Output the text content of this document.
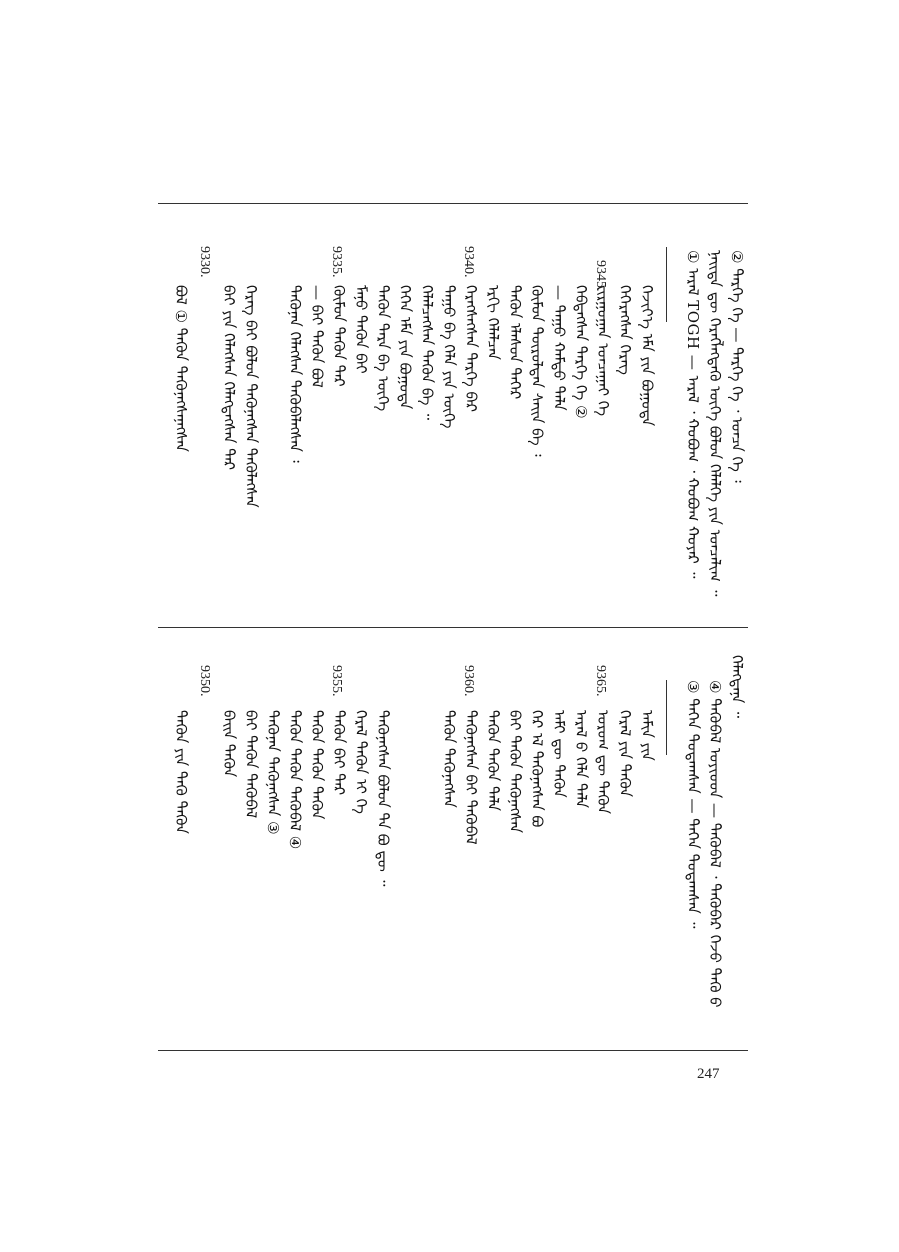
② ᠲᠡᠷᠭᠡ ᠬᠡ — ᠲᠡᠷᠭᠡ ᠬᠡ ᠂ ᠣᠨᠴᠠ ᠬᠡ ᠄
ᠨᠡᠢᠲᠡ ᠳᠦ ᠬᠡᠷᠡᠭᠯᠡᠭᠳᠡᠬᠦ ᠦᠭᠡ ᠪᠣᠯᠤᠨ ᠬᠡᠯᠡᠯᠭᠡ ᠶᠢᠨ ᠣᠨᠴᠠᠯᠢᠭ ᠃
① ᠠᠷᠠᠯ TOGH — ᠠᠷᠠᠯ ᠂ ᠬᠣᠪᠣᠭ ᠂ ᠬᠣᠪᠣᠭ ᠬᠣᠶᠠᠷ ᠃
ᠬᠡᠵᠢᠶ᠎ᠡ ᠡᠮᠡ ᠶᠢᠨ ᠪᠣᠭᠣᠳᠠ
ᠭᠡᠭᠡᠷᠡᠭᠰᠡᠨ ᠬᠡᠷᠡᠭ
ᠵᠢᠷᠭᠤᠭᠠᠨ ᠣᠨᠴᠠᠭᠠᠢ ᠬᠡ
ᠬᠡᠪᠲᠡᠭᠰᠡᠨ ᠲᠡᠷᠭᠡ ᠬᠡ ②
— ᠳᠠᠭᠤ ᠬᠠᠮᠲᠤ ᠲᠡᠯᠡ
ᠬᠦᠮᠦᠨ ᠲᠦᠷᠦᠯᠲᠡᠨ ᠰᠠᠢᠨ ᠪᠠ ᠄
ᠲᠡᠭᠦᠨ ᠡᠯᠡᠰᠦᠨ ᠳᠡᠭᠡᠷ
ᠡᠷᠬᠢ ᠬᠡᠯᠡᠯᠴᠡᠨ
ᠬᠡᠷᠡᠭᠰᠡᠭᠰᠡᠨ ᠲᠡᠷᠭᠡ ᠪᠡᠷ
ᠳᠠᠭᠤ ᠪᠠ ᠬᠡᠯᠡ ᠶᠢᠨ ᠦᠭᠡ
ᠬᠡᠯᠡᠯᠴᠡᠭᠰᠡᠨ ᠲᠡᠭᠦᠨ ᠪᠠ ᠃
ᠭᠡᠭᠡᠨ ᠡᠮᠡ ᠶᠢᠨ ᠪᠣᠭᠣᠳᠠ
ᠲᠡᠭᠦᠨ ᠲᠡᠷᠡ ᠪᠠ ᠦᠭᠡ
ᠮᠠᠨᠤ ᠲᠡᠭᠦᠨ ᠪᠠᠢ
ᠬᠦᠮᠦᠨ ᠲᠡᠭᠦᠨ ᠲᠡᠷ
— ᠪᠠᠢ ᠲᠡᠭᠦᠨ ᠪᠣᠯ
ᠲᠡᠭᠦᠨᠡᠨ ᠬᠡᠯᠡᠭᠰᠡᠨ ᠲᠡᠭᠦᠪᠡᠯᠡᠭᠰᠡᠨ ᠄
ᠬᠡᠷᠡᠭ ᠪᠠᠢ ᠪᠣᠯᠤᠨ ᠲᠡᠭᠦᠨᠡᠭᠰᠡᠨ ᠲᠡᠭᠦᠯᠡᠭᠰᠡᠨ
ᠪᠠᠢ ᠶᠢᠨ ᠬᠡᠯᠡᠭᠰᠡᠨ ᠬᠡᠯᠡᠭᠳᠡᠭᠰᠡᠨ ᠲᠡᠷ
ᠪᠣᠯ ① ᠲᠡᠭᠦᠨ ᠲᠡᠭᠦᠨᠡᠭᠰᠡᠨᠡᠭᠰᠡᠨ
9345.
9340.
9335.
9330.
ᠬᠡᠯᠡᠭᠳᠡᠨᠡ ᠃
④ ᠲᠡᠭᠦᠪᠡᠯ ᠡᠣᠶᠢᠣᠳ — ᠲᠡᠭᠦᠪᠡᠯ ᠂ ᠲᠡᠭᠦᠪᠡᠷ ᠭᠡᠵᠦ ᠲᠡᠭᠦ ᠪ
③ ᠲᠡᠭᠡᠨ ᠳᠤᠲᠠᠭᠰᠠᠨ — ᠲᠡᠭᠡᠨ ᠳᠤᠲᠠᠭᠰᠠᠨ ᠃
ᠠᠮᠢᠨ ᠶᠢᠨ
ᠭᠡᠷᠡᠯ ᠶᠢᠨ ᠲᠡᠭᠦᠨ
ᠤᠷᠤᠭ ᠳᠦ ᠲᠡᠭᠦᠨ
ᠠᠷᠠᠯ ᠪ ᠬᠡᠯᠡ ᠲᠡᠯᠡ
ᠠᠮᠢ ᠳᠦ ᠲᠡᠭᠦᠨ
ᠭᠡᠷ ᠡᠯ ᠲᠡᠭᠦᠨᠡᠭᠰᠡᠨ ᠪᠣ
ᠪᠠᠢ ᠲᠡᠭᠦᠨ ᠲᠡᠭᠦᠨᠡᠭᠰᠡᠨ
ᠲᠡᠭᠦᠨ ᠲᠡᠭᠦᠨ ᠲᠡᠯᠡ
ᠲᠡᠭᠦᠨᠡᠭᠰᠡᠨ ᠪᠠᠢ ᠲᠡᠭᠦᠪᠡᠯ
ᠲᠡᠭᠦᠨ ᠲᠡᠭᠦᠨᠡᠭᠰᠡᠨ
ᠲᠡᠭᠦᠨᠡᠭᠰᠡᠨ ᠪᠣᠯᠤᠨ ᠲᠡ ᠪᠣ ᠳᠦ ᠃
ᠭᠡᠷᠡᠯ ᠲᠡᠭᠦᠨ ᠢ ᠬᠡ
ᠲᠡᠭᠦᠨ ᠪᠠᠢ ᠲᠡᠷ
ᠲᠡᠭᠦᠨ ᠲᠡᠭᠦᠨ ᠲᠡᠭᠦᠨ
ᠲᠡᠭᠦᠨ ᠲᠡᠭᠦᠨ ᠲᠡᠭᠦᠪᠡᠯ ④
ᠲᠡᠭᠦᠨᠡᠨ ᠲᠡᠭᠦᠨᠡᠭᠰᠡᠨ ③
ᠪᠠᠢ ᠲᠡᠭᠦᠨ ᠲᠡᠭᠦᠪᠡᠯ
ᠪᠠᠢᠨ ᠲᠡᠭᠦᠨ
ᠲᠡᠭᠦᠨ ᠶᠢᠨ ᠲᠡᠭᠦ ᠲᠡᠭᠦᠨ
9365.
9360.
9355.
9350.
247
